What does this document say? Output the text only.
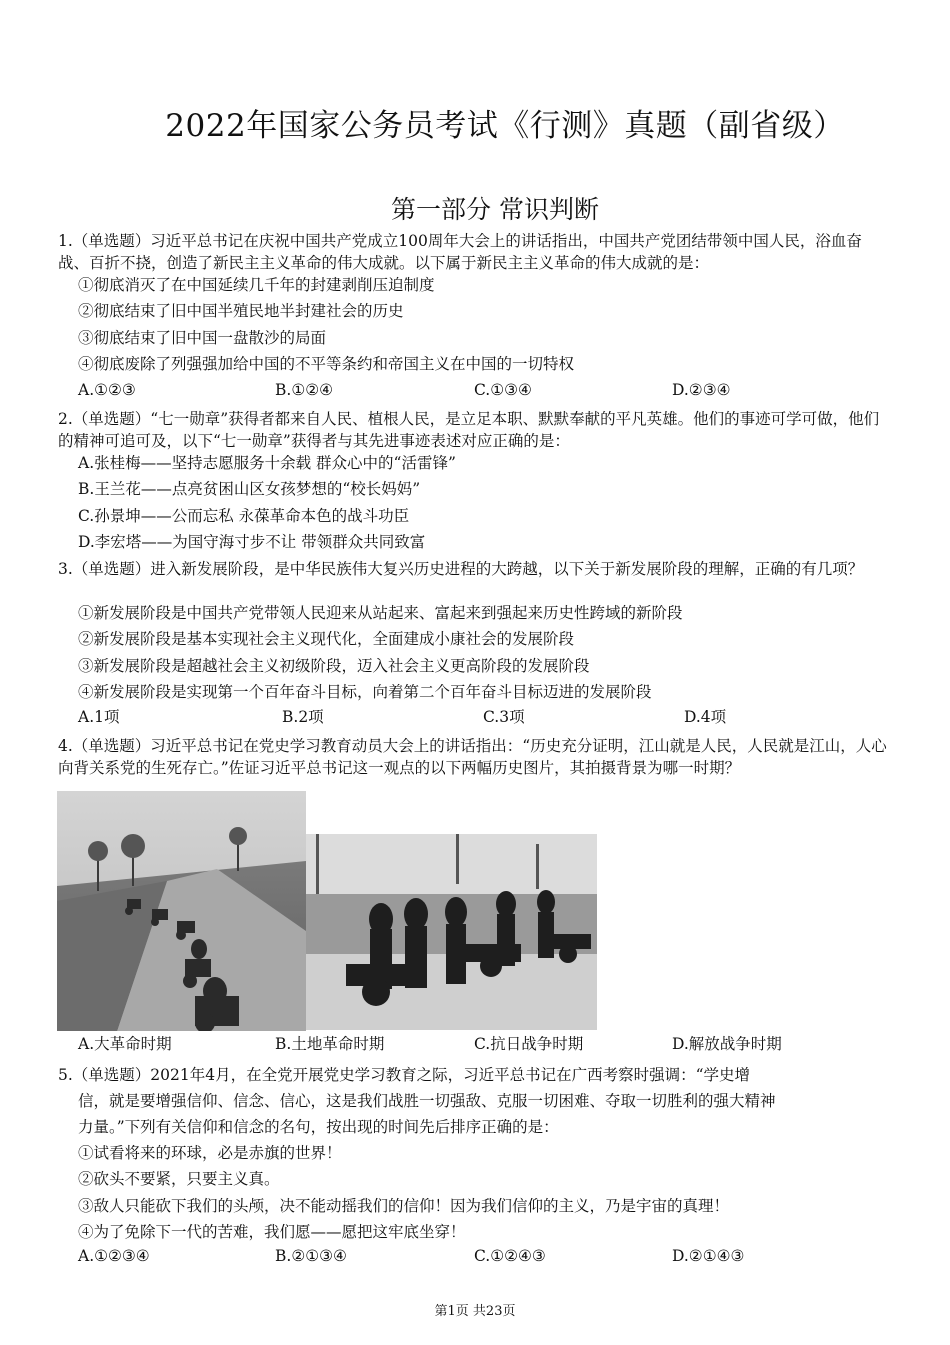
2022年国家公务员考试《行测》真题（副省级）
第一部分 常识判断
1.（单选题）习近平总书记在庆祝中国共产党成立100周年大会上的讲话指出，中国共产党团结带领中国人民，浴血奋战、百折不挠，创造了新民主主义革命的伟大成就。以下属于新民主主义革命的伟大成就的是：
①彻底消灭了在中国延续几千年的封建剥削压迫制度
②彻底结束了旧中国半殖民地半封建社会的历史
③彻底结束了旧中国一盘散沙的局面
④彻底废除了列强强加给中国的不平等条约和帝国主义在中国的一切特权
A.①②③	B.①②④	C.①③④	D.②③④
2.（单选题）“七一勋章”获得者都来自人民、植根人民，是立足本职、默默奉献的平凡英雄。他们的事迹可学可做，他们的精神可追可及，以下“七一勋章”获得者与其先进事迹表述对应正确的是：
A.张桂梅——坚持志愿服务十余载 群众心中的“活雷锋”
B.王兰花——点亮贫困山区女孩梦想的“校长妈妈”
C.孙景坤——公而忘私 永葆革命本色的战斗功臣
D.李宏塔——为国守海寸步不让 带领群众共同致富
3.（单选题）进入新发展阶段，是中华民族伟大复兴历史进程的大跨越，以下关于新发展阶段的理解，正确的有几项？
①新发展阶段是中国共产党带领人民迎来从站起来、富起来到强起来历史性跨域的新阶段
②新发展阶段是基本实现社会主义现代化，全面建成小康社会的发展阶段
③新发展阶段是超越社会主义初级阶段，迈入社会主义更高阶段的发展阶段
④新发展阶段是实现第一个百年奋斗目标，向着第二个百年奋斗目标迈进的发展阶段
A.1项	B.2项	C.3项	D.4项
4.（单选题）习近平总书记在党史学习教育动员大会上的讲话指出：“历史充分证明，江山就是人民，人民就是江山，人心向背关系党的生死存亡。”佐证习近平总书记这一观点的以下两幅历史图片，其拍摄背景为哪一时期？
A.大革命时期	B.土地革命时期	C.抗日战争时期	D.解放战争时期
5.（单选题）2021年4月，在全党开展党史学习教育之际，习近平总书记在广西考察时强调：“学史增
信，就是要增强信仰、信念、信心，这是我们战胜一切强敌、克服一切困难、夺取一切胜利的强大精神
力量。”下列有关信仰和信念的名句，按出现的时间先后排序正确的是：
①试看将来的环球，必是赤旗的世界！
②砍头不要紧，只要主义真。
③敌人只能砍下我们的头颅，决不能动摇我们的信仰！因为我们信仰的主义，乃是宇宙的真理！
④为了免除下一代的苦难，我们愿——愿把这牢底坐穿！
A.①②③④	B.②①③④	C.①②④③	D.②①④③
第1页 共23页
